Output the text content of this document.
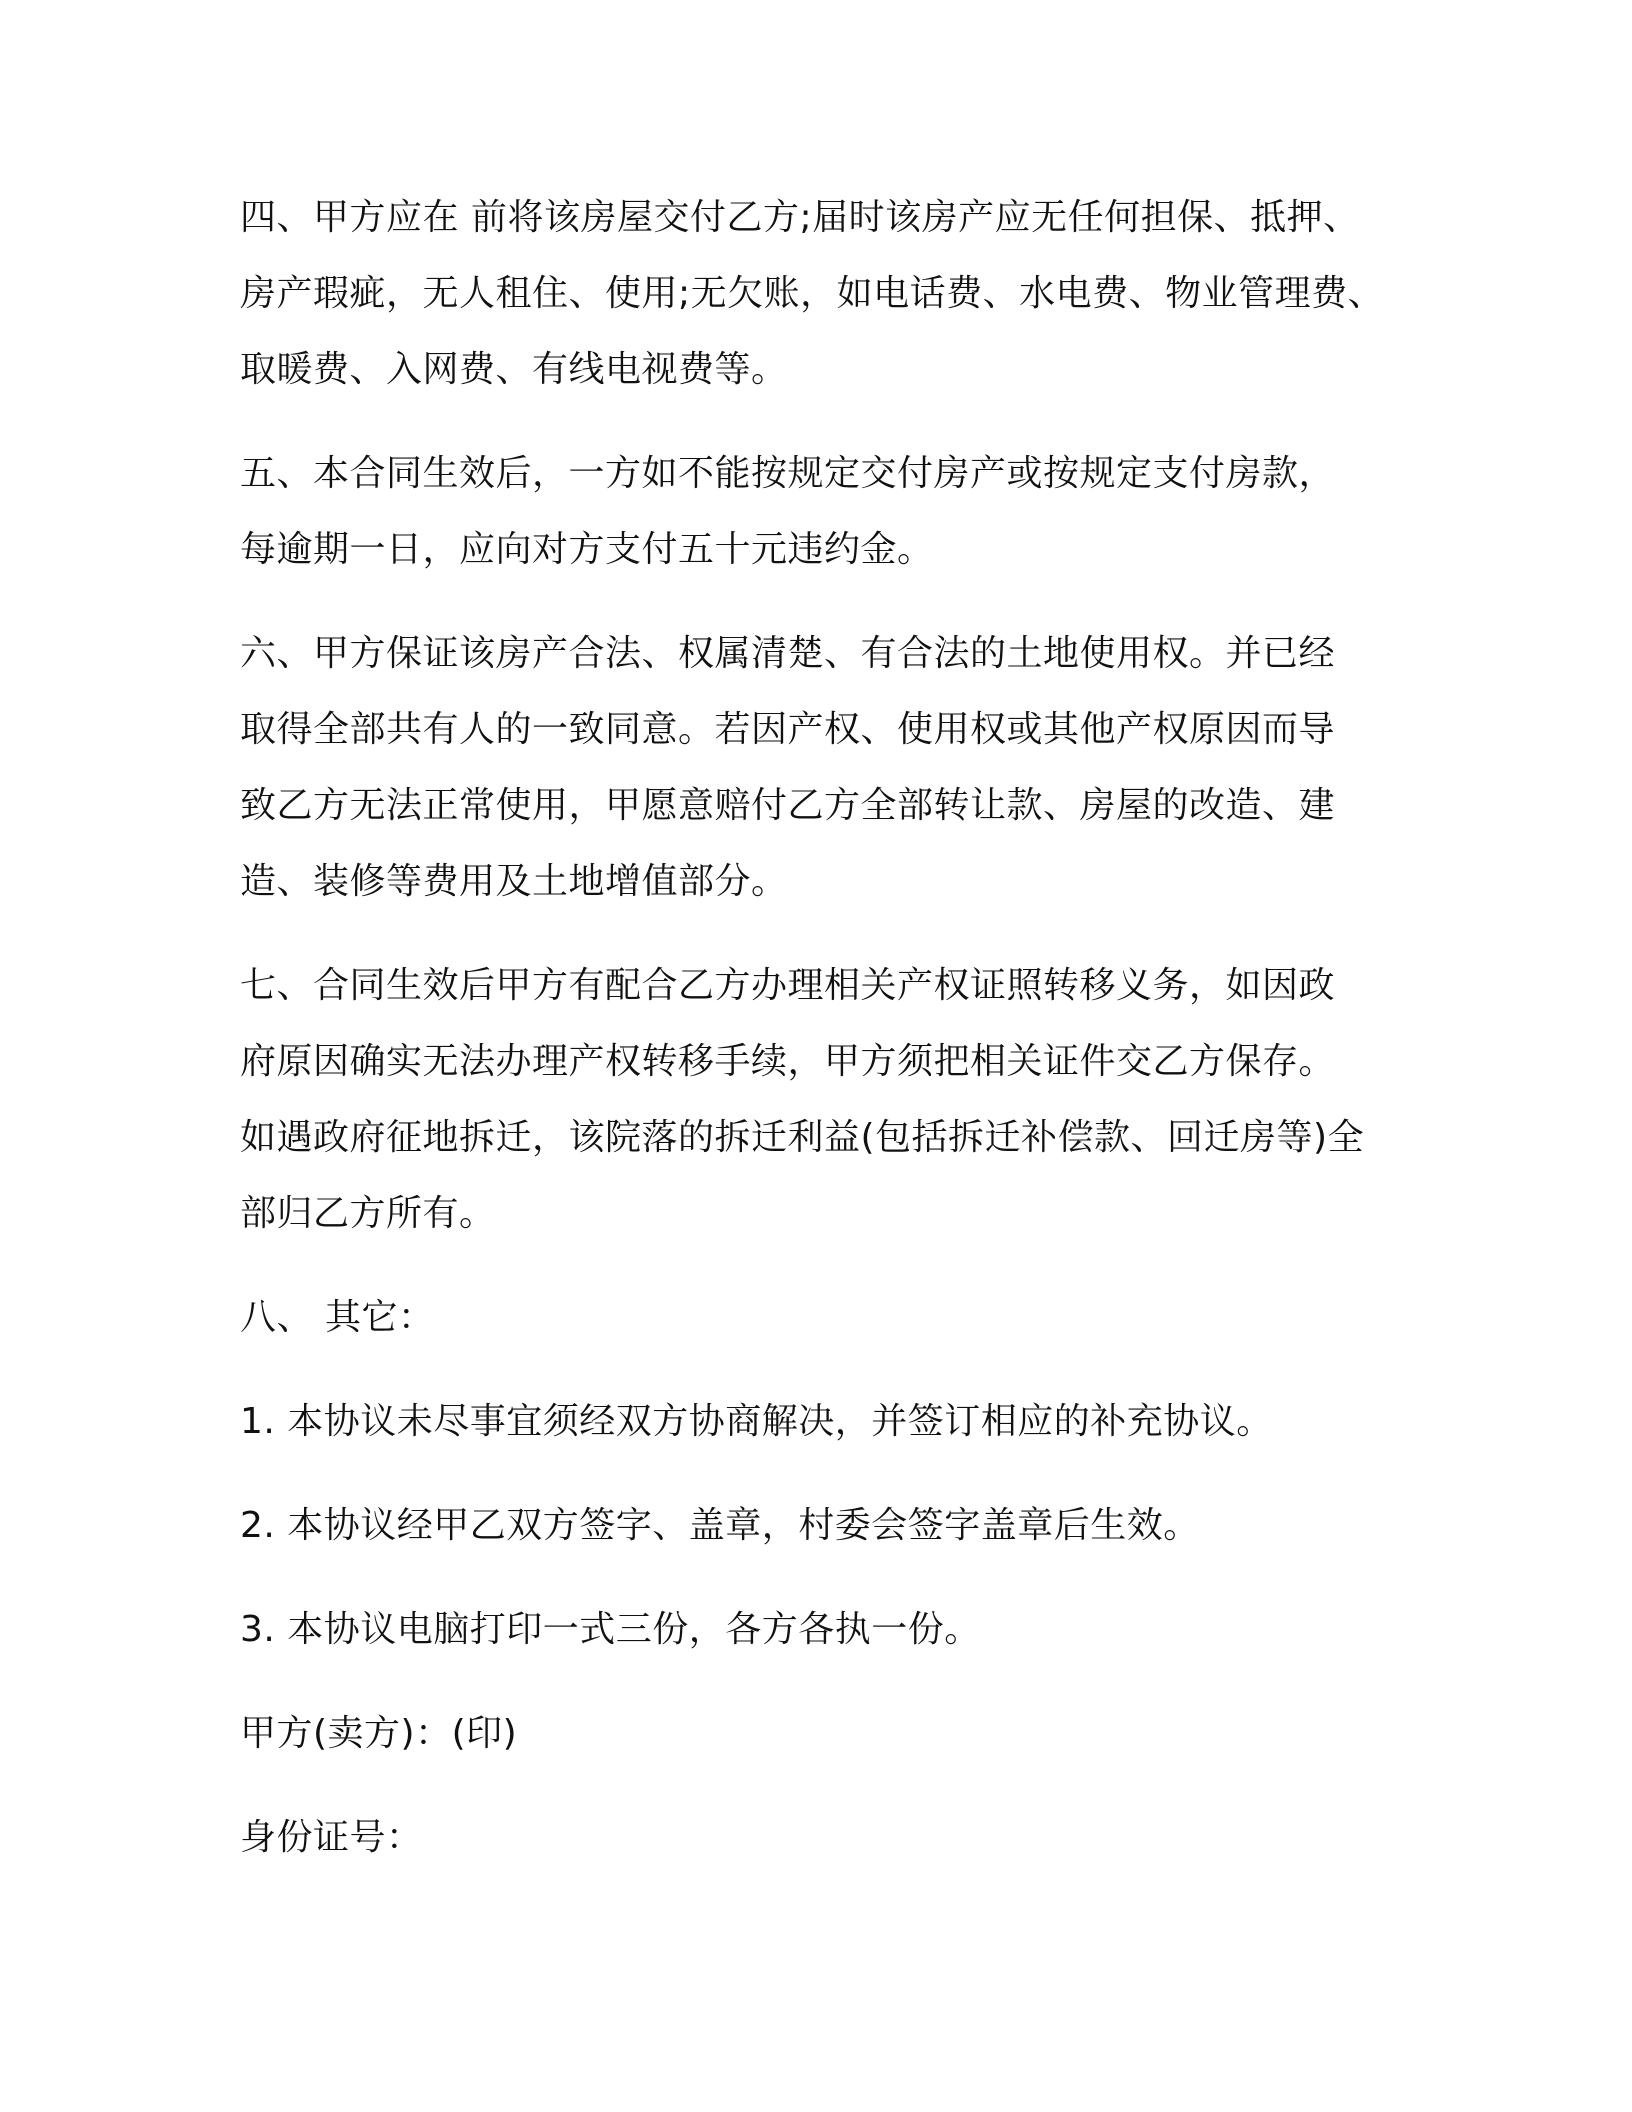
四、甲方应在 前将该房屋交付乙方;届时该房产应无任何担保、抵押、
房产瑕疵，无人租住、使用;无欠账，如电话费、水电费、物业管理费、
取暖费、入网费、有线电视费等。
五、本合同生效后，一方如不能按规定交付房产或按规定支付房款，
每逾期一日，应向对方支付五十元违约金。
六、甲方保证该房产合法、权属清楚、有合法的土地使用权。并已经
取得全部共有人的一致同意。若因产权、使用权或其他产权原因而导
致乙方无法正常使用，甲愿意赔付乙方全部转让款、房屋的改造、建
造、装修等费用及土地增值部分。
七、合同生效后甲方有配合乙方办理相关产权证照转移义务，如因政
府原因确实无法办理产权转移手续，甲方须把相关证件交乙方保存。
如遇政府征地拆迁，该院落的拆迁利益(包括拆迁补偿款、回迁房等)全
部归乙方所有。
八、 其它：
1. 本协议未尽事宜须经双方协商解决，并签订相应的补充协议。
2. 本协议经甲乙双方签字、盖章，村委会签字盖章后生效。
3. 本协议电脑打印一式三份，各方各执一份。
甲方(卖方)：(印)
身份证号：
